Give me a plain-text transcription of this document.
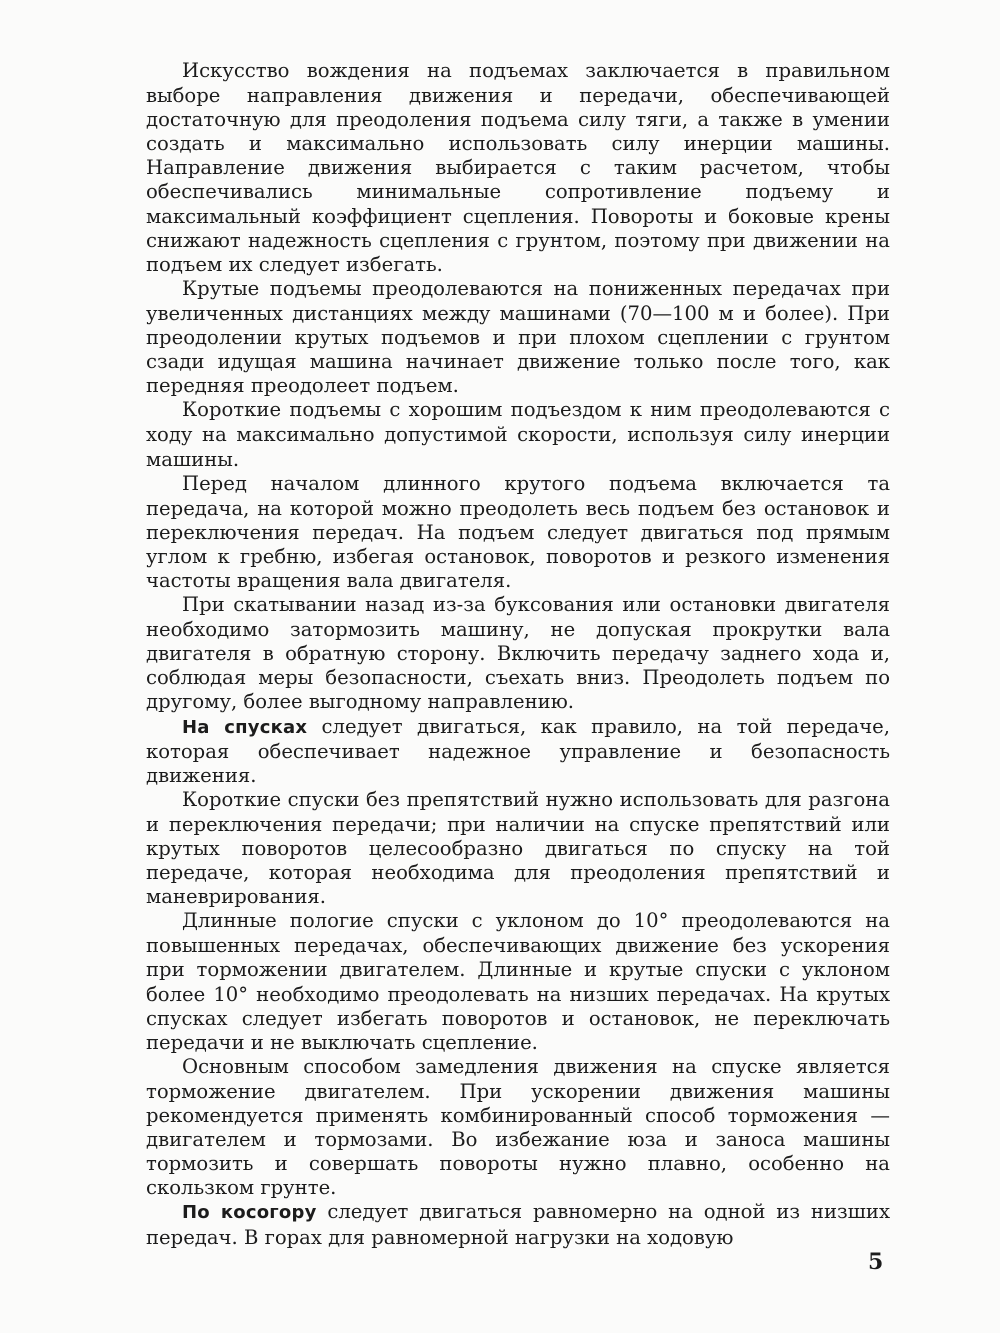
Искусство вождения на подъемах заключается в правильном выборе направления движения и передачи, обеспечивающей достаточную для преодоления подъема силу тяги, а также в умении создать и максимально использовать силу инерции машины. Направление движения выбирается с таким расчетом, чтобы обеспечивались минимальные сопротивление подъему и максимальный коэффициент сцепления. Повороты и боковые крены снижают надежность сцепления с грунтом, поэтому при движении на подъем их следует избегать.

Крутые подъемы преодолеваются на пониженных передачах при увеличенных дистанциях между машинами (70—100 м и более). При преодолении крутых подъемов и при плохом сцеплении с грунтом сзади идущая машина начинает движение только после того, как передняя преодолеет подъем.

Короткие подъемы с хорошим подъездом к ним преодолеваются с ходу на максимально допустимой скорости, используя силу инерции машины.

Перед началом длинного крутого подъема включается та передача, на которой можно преодолеть весь подъем без остановок и переключения передач. На подъем следует двигаться под прямым углом к гребню, избегая остановок, поворотов и резкого изменения частоты вращения вала двигателя.

При скатывании назад из-за буксования или остановки двигателя необходимо затормозить машину, не допуская прокрутки вала двигателя в обратную сторону. Включить передачу заднего хода и, соблюдая меры безопасности, съехать вниз. Преодолеть подъем по другому, более выгодному направлению.

На спусках следует двигаться, как правило, на той передаче, которая обеспечивает надежное управление и безопасность движения.

Короткие спуски без препятствий нужно использовать для разгона и переключения передачи; при наличии на спуске препятствий или крутых поворотов целесообразно двигаться по спуску на той передаче, которая необходима для преодоления препятствий и маневрирования.

Длинные пологие спуски с уклоном до 10° преодолеваются на повышенных передачах, обеспечивающих движение без ускорения при торможении двигателем. Длинные и крутые спуски с уклоном более 10° необходимо преодолевать на низших передачах. На крутых спусках следует избегать поворотов и остановок, не переключать передачи и не выключать сцепление.

Основным способом замедления движения на спуске является торможение двигателем. При ускорении движения машины рекомендуется применять комбинированный способ торможения — двигателем и тормозами. Во избежание юза и заноса машины тормозить и совершать повороты нужно плавно, особенно на скользком грунте.

По косогору следует двигаться равномерно на одной из низших передач. В горах для равномерной нагрузки на ходовую

5
